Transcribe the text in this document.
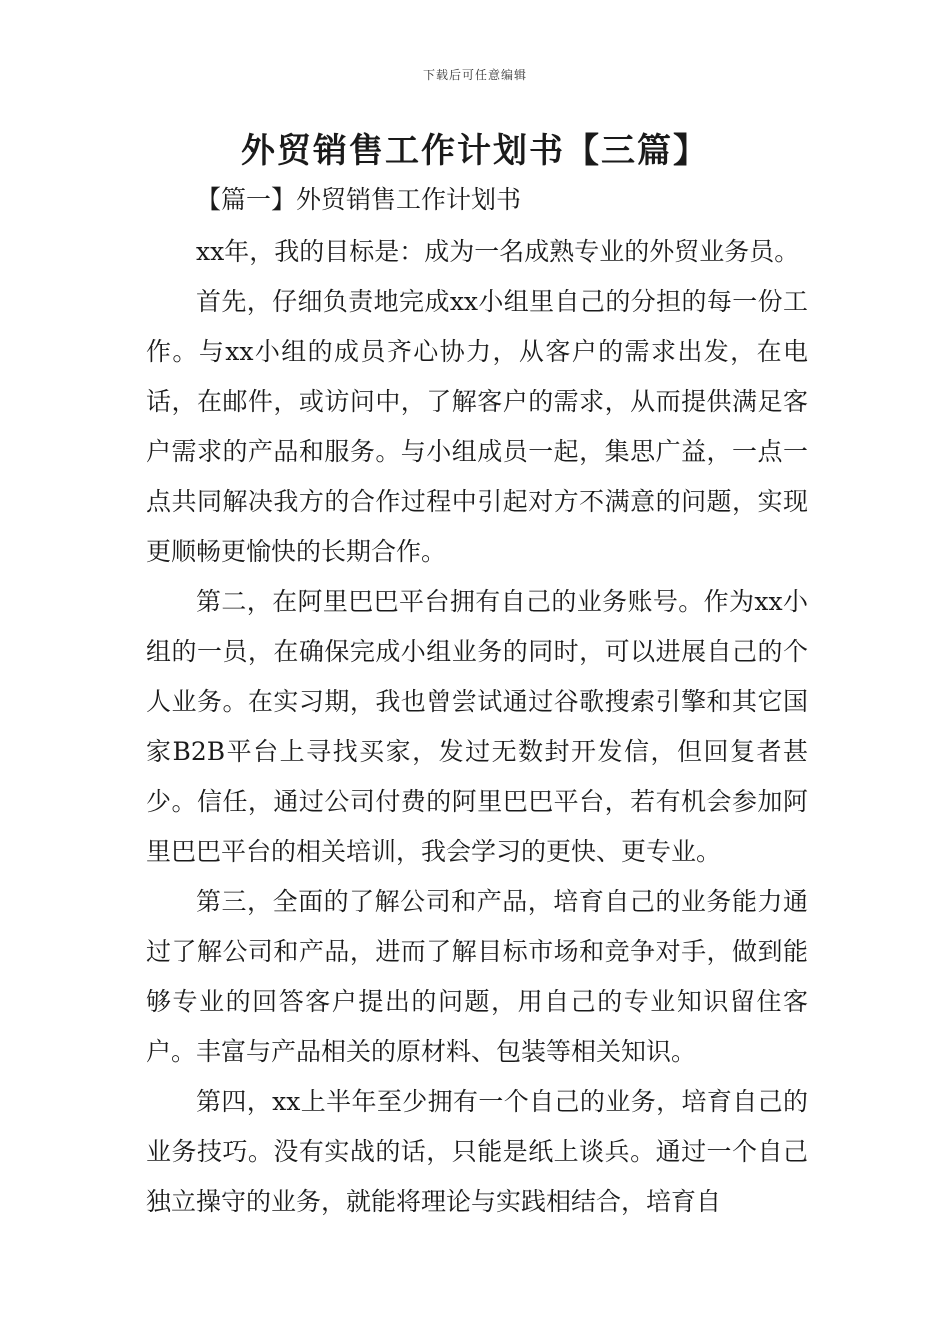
下载后可任意编辑
外贸销售工作计划书【三篇】
【篇一】外贸销售工作计划书

xx年，我的目标是：成为一名成熟专业的外贸业务员。

首先，仔细负责地完成xx小组里自己的分担的每一份工作。与xx小组的成员齐心协力，从客户的需求出发，在电话，在邮件，或访问中，了解客户的需求，从而提供满足客户需求的产品和服务。与小组成员一起，集思广益，一点一点共同解决我方的合作过程中引起对方不满意的问题，实现更顺畅更愉快的长期合作。

第二，在阿里巴巴平台拥有自己的业务账号。作为xx小组的一员，在确保完成小组业务的同时，可以进展自己的个人业务。在实习期，我也曾尝试通过谷歌搜索引擎和其它国家B2B平台上寻找买家，发过无数封开发信，但回复者甚少。信任，通过公司付费的阿里巴巴平台，若有机会参加阿里巴巴平台的相关培训，我会学习的更快、更专业。

第三，全面的了解公司和产品，培育自己的业务能力通过了解公司和产品，进而了解目标市场和竞争对手，做到能够专业的回答客户提出的问题，用自己的专业知识留住客户。丰富与产品相关的原材料、包装等相关知识。

第四，xx上半年至少拥有一个自己的业务，培育自己的业务技巧。没有实战的话，只能是纸上谈兵。通过一个自己独立操守的业务，就能将理论与实践相结合，培育自
